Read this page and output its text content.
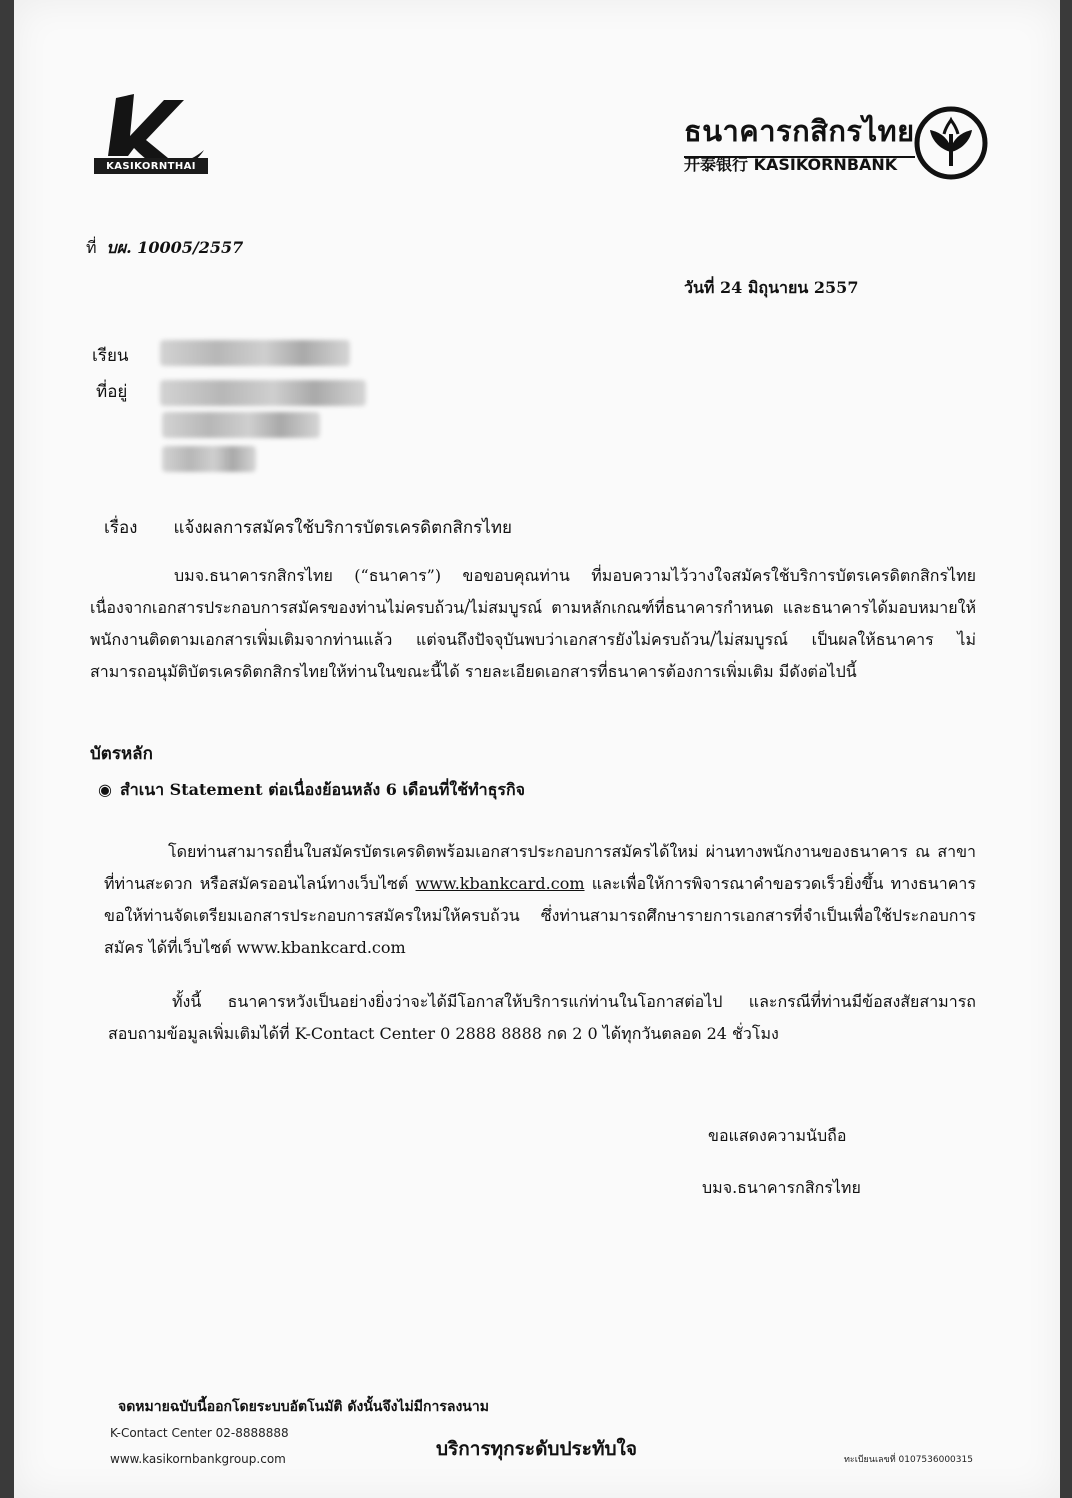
KASIKORNTHAI
ธนาคารกสิกรไทย
开泰银行 KASIKORNBANK
ที่ บผ. 10005/2557
วันที่ 24 มิถุนายน 2557
เรียน
ที่อยู่
เรื่อง แจ้งผลการสมัครใช้บริการบัตรเครดิตกสิกรไทย
บมจ.ธนาคารกสิกรไทย (“ธนาคาร”) ขอขอบคุณท่าน ที่มอบความไว้วางใจสมัครใช้บริการบัตรเครดิตกสิกรไทย เนื่องจากเอกสารประกอบการสมัครของท่านไม่ครบถ้วน/ไม่สมบูรณ์ ตามหลักเกณฑ์ที่ธนาคารกำหนด และธนาคารได้มอบหมายให้พนักงานติดตามเอกสารเพิ่มเติมจากท่านแล้ว แต่จนถึงปัจจุบันพบว่าเอกสารยังไม่ครบถ้วน/ไม่สมบูรณ์ เป็นผลให้ธนาคาร ไม่สามารถอนุมัติบัตรเครดิตกสิกรไทยให้ท่านในขณะนี้ได้ รายละเอียดเอกสารที่ธนาคารต้องการเพิ่มเติม มีดังต่อไปนี้
บัตรหลัก
◉ สำเนา Statement ต่อเนื่องย้อนหลัง 6 เดือนที่ใช้ทำธุรกิจ
โดยท่านสามารถยื่นใบสมัครบัตรเครดิตพร้อมเอกสารประกอบการสมัครได้ใหม่ ผ่านทางพนักงานของธนาคาร ณ สาขาที่ท่านสะดวก หรือสมัครออนไลน์ทางเว็บไซต์ www.kbankcard.com และเพื่อให้การพิจารณาคำขอรวดเร็วยิ่งขึ้น ทางธนาคารขอให้ท่านจัดเตรียมเอกสารประกอบการสมัครใหม่ให้ครบถ้วน ซึ่งท่านสามารถศึกษารายการเอกสารที่จำเป็นเพื่อใช้ประกอบการสมัคร ได้ที่เว็บไซต์ www.kbankcard.com
ทั้งนี้ ธนาคารหวังเป็นอย่างยิ่งว่าจะได้มีโอกาสให้บริการแก่ท่านในโอกาสต่อไป และกรณีที่ท่านมีข้อสงสัยสามารถสอบถามข้อมูลเพิ่มเติมได้ที่ K-Contact Center 0 2888 8888 กด 2 0 ได้ทุกวันตลอด 24 ชั่วโมง
ขอแสดงความนับถือ
บมจ.ธนาคารกสิกรไทย
จดหมายฉบับนี้ออกโดยระบบอัตโนมัติ ดังนั้นจึงไม่มีการลงนาม
K-Contact Center 02-8888888
www.kasikornbankgroup.com	บริการทุกระดับประทับใจ	ทะเบียนเลขที่ 0107536000315
